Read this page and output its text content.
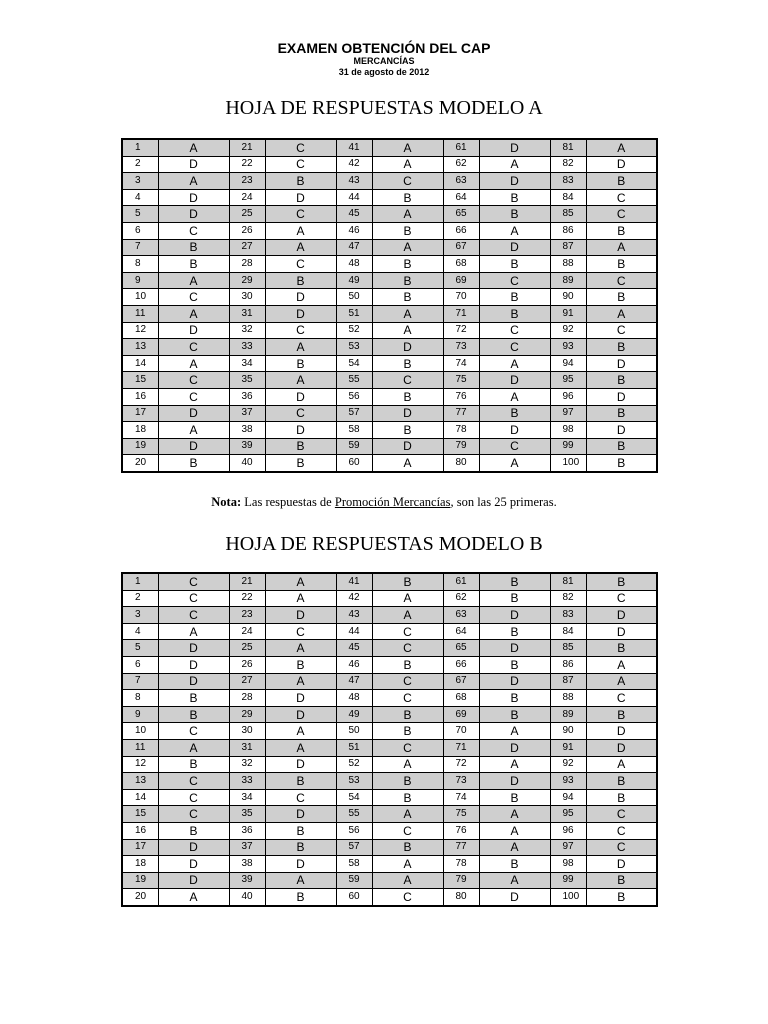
EXAMEN OBTENCIÓN DEL CAP
MERCANCÍAS
31 de agosto de 2012
HOJA DE RESPUESTAS MODELO A
1	A	21	C	41	A	61	D	81	A
2	D	22	C	42	A	62	A	82	D
3	A	23	B	43	C	63	D	83	B
4	D	24	D	44	B	64	B	84	C
5	D	25	C	45	A	65	B	85	C
6	C	26	A	46	B	66	A	86	B
7	B	27	A	47	A	67	D	87	A
8	B	28	C	48	B	68	B	88	B
9	A	29	B	49	B	69	C	89	C
10	C	30	D	50	B	70	B	90	B
11	A	31	D	51	A	71	B	91	A
12	D	32	C	52	A	72	C	92	C
13	C	33	A	53	D	73	C	93	B
14	A	34	B	54	B	74	A	94	D
15	C	35	A	55	C	75	D	95	B
16	C	36	D	56	B	76	A	96	D
17	D	37	C	57	D	77	B	97	B
18	A	38	D	58	B	78	D	98	D
19	D	39	B	59	D	79	C	99	B
20	B	40	B	60	A	80	A	100	B
Nota: Las respuestas de Promoción Mercancías, son las 25 primeras.
HOJA DE RESPUESTAS MODELO B
1	C	21	A	41	B	61	B	81	B
2	C	22	A	42	A	62	B	82	C
3	C	23	D	43	A	63	D	83	D
4	A	24	C	44	C	64	B	84	D
5	D	25	A	45	C	65	D	85	B
6	D	26	B	46	B	66	B	86	A
7	D	27	A	47	C	67	D	87	A
8	B	28	D	48	C	68	B	88	C
9	B	29	D	49	B	69	B	89	B
10	C	30	A	50	B	70	A	90	D
11	A	31	A	51	C	71	D	91	D
12	B	32	D	52	A	72	A	92	A
13	C	33	B	53	B	73	D	93	B
14	C	34	C	54	B	74	B	94	B
15	C	35	D	55	A	75	A	95	C
16	B	36	B	56	C	76	A	96	C
17	D	37	B	57	B	77	A	97	C
18	D	38	D	58	A	78	B	98	D
19	D	39	A	59	A	79	A	99	B
20	A	40	B	60	C	80	D	100	B
